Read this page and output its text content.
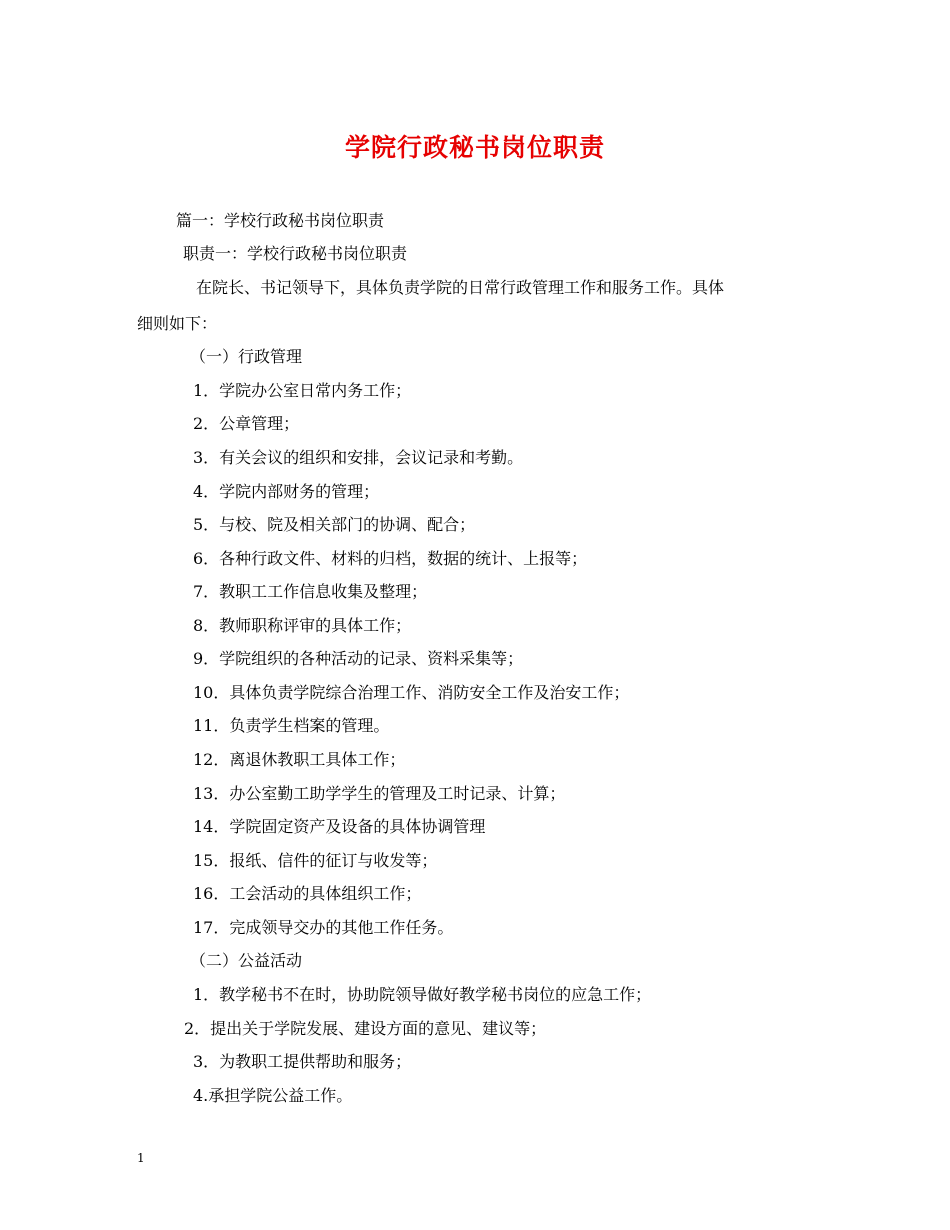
学院行政秘书岗位职责

篇一：学校行政秘书岗位职责

职责一：学校行政秘书岗位职责

在院长、书记领导下，具体负责学院的日常行政管理工作和服务工作。具体

细则如下：

（一）行政管理

1．学院办公室日常内务工作；

2．公章管理；

3．有关会议的组织和安排，会议记录和考勤。

4．学院内部财务的管理；

5．与校、院及相关部门的协调、配合；

6．各种行政文件、材料的归档，数据的统计、上报等；

7．教职工工作信息收集及整理；

8．教师职称评审的具体工作；

9．学院组织的各种活动的记录、资料采集等；

10．具体负责学院综合治理工作、消防安全工作及治安工作；

11．负责学生档案的管理。

12．离退休教职工具体工作；

13．办公室勤工助学学生的管理及工时记录、计算；

14．学院固定资产及设备的具体协调管理

15．报纸、信件的征订与收发等；

16．工会活动的具体组织工作；

17．完成领导交办的其他工作任务。

（二）公益活动

1．教学秘书不在时，协助院领导做好教学秘书岗位的应急工作；

2．提出关于学院发展、建设方面的意见、建议等；

3．为教职工提供帮助和服务；

4.承担学院公益工作。

1
